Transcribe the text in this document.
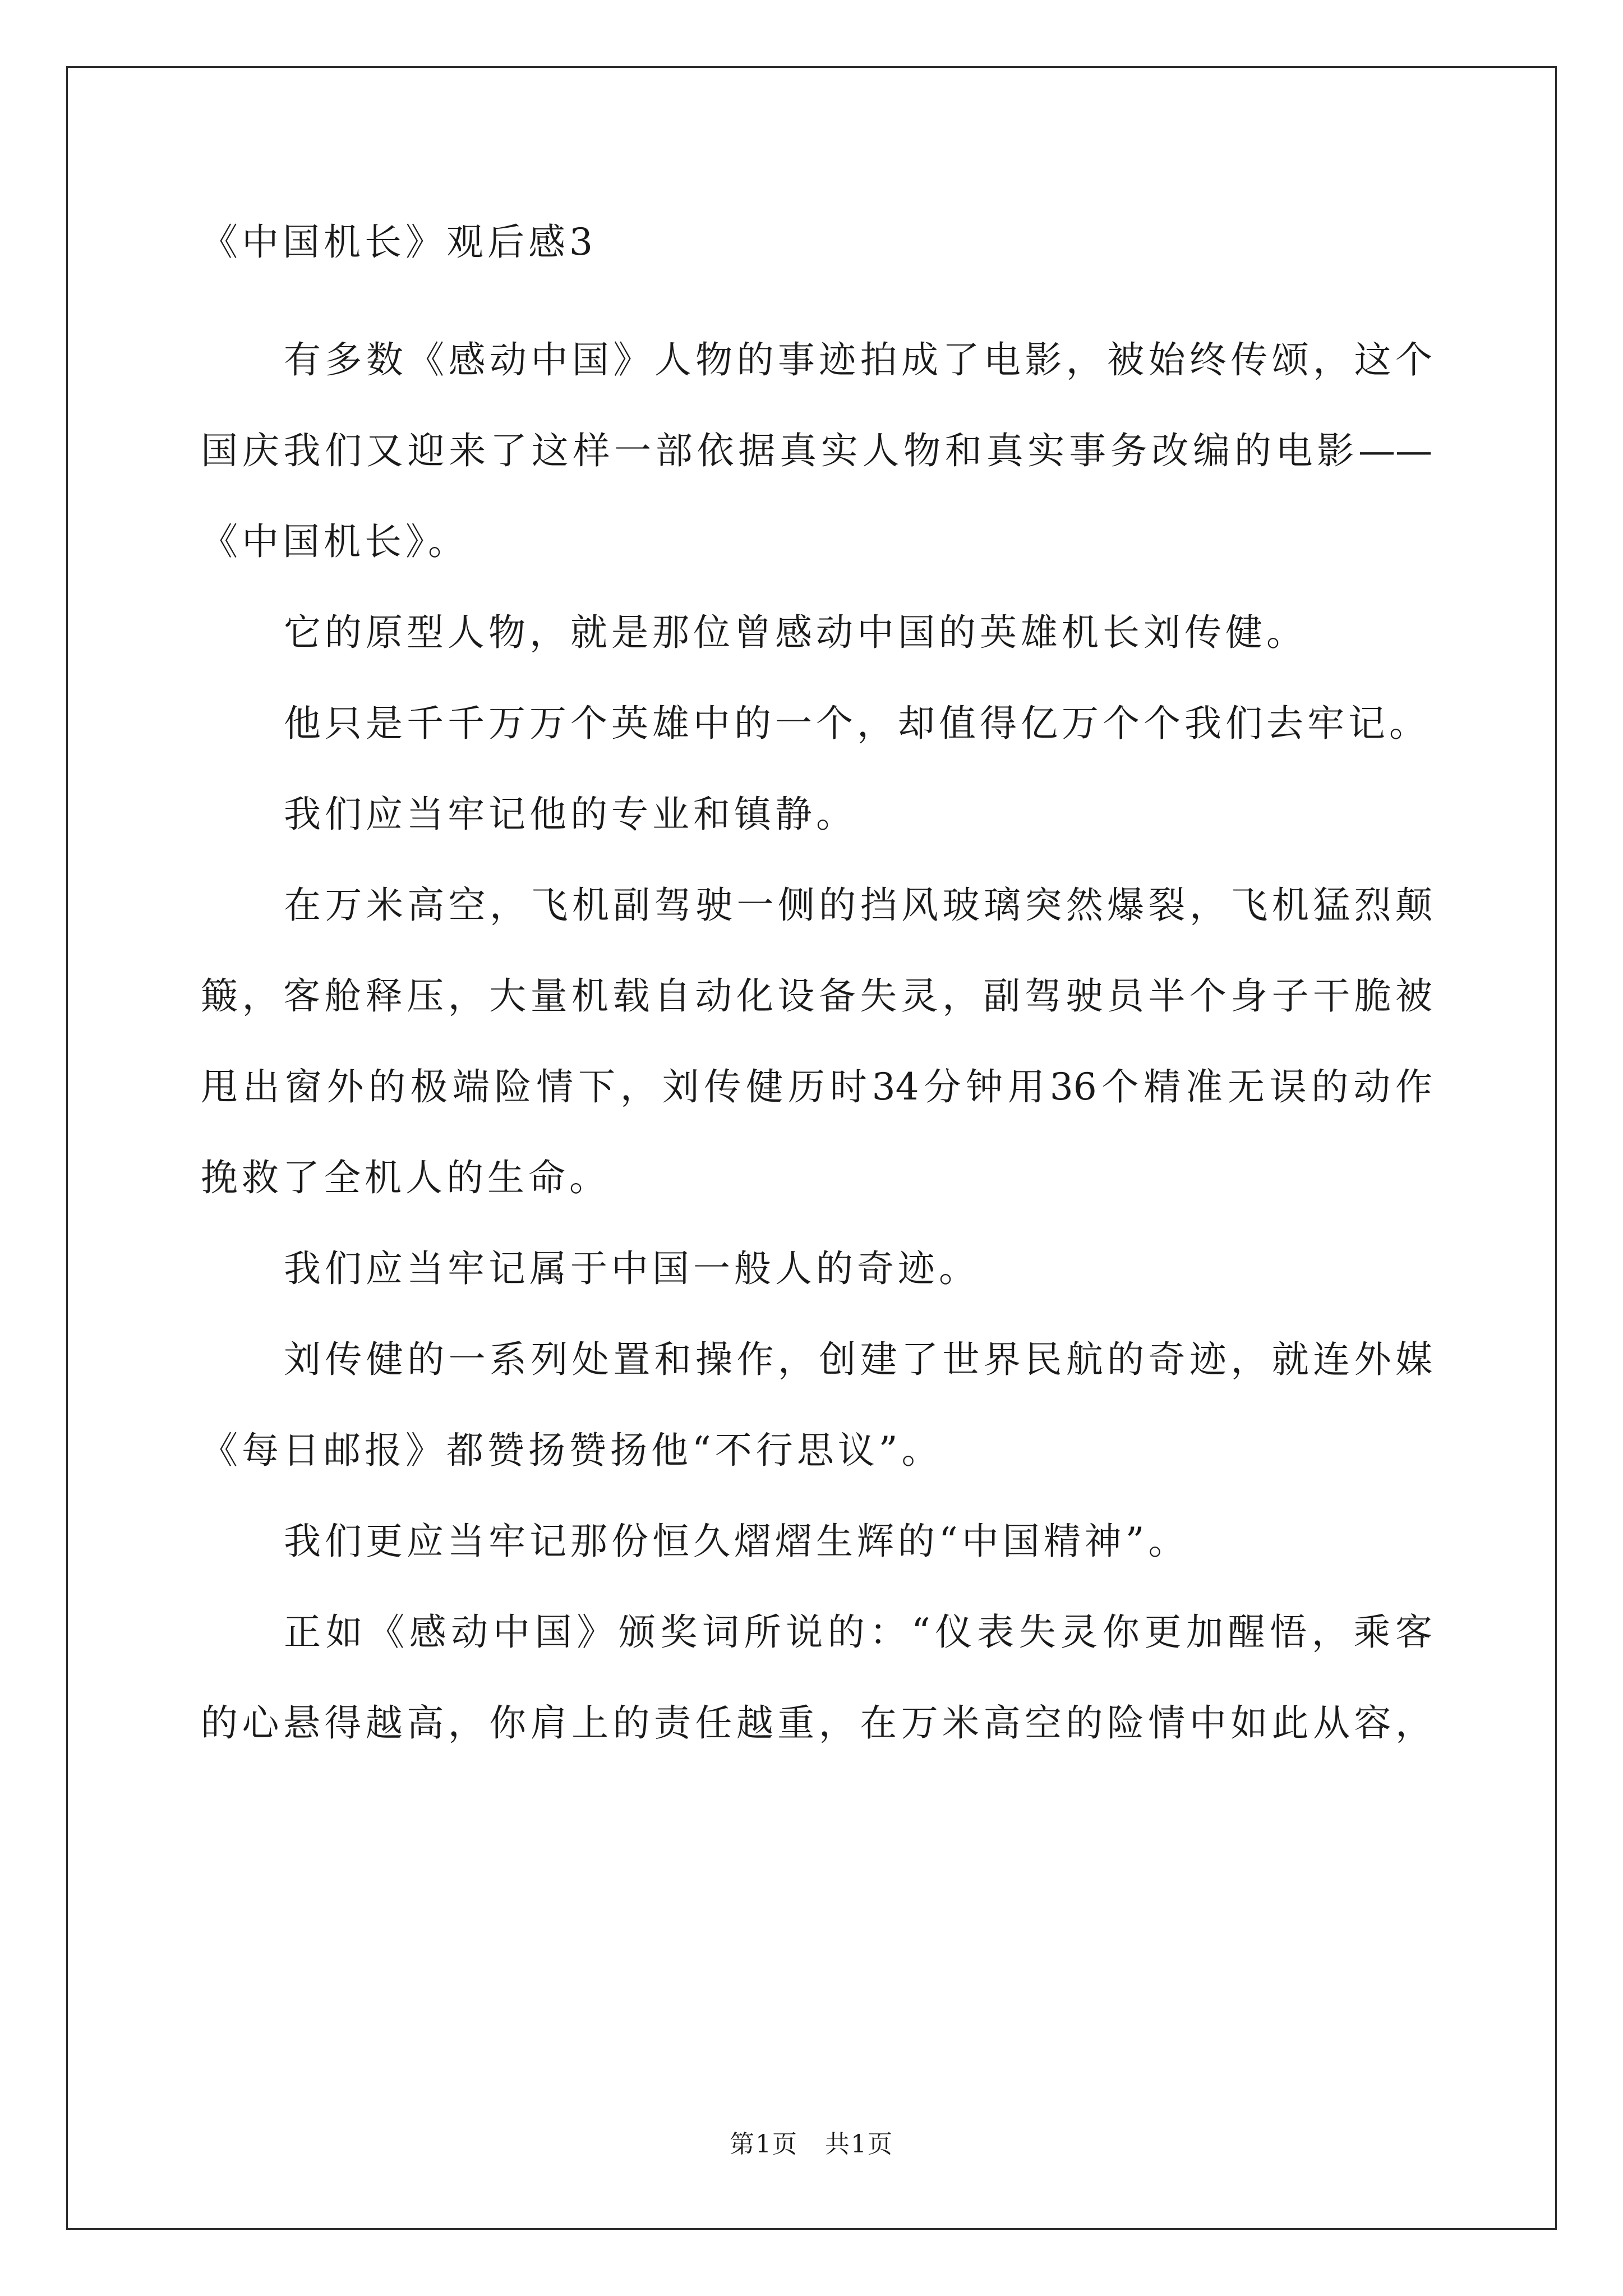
《中国机长》观后感3
有多数《感动中国》人物的事迹拍成了电影，被始终传颂，这个
国庆我们又迎来了这样一部依据真实人物和真实事务改编的电影——
《中国机长》。
它的原型人物，就是那位曾感动中国的英雄机长刘传健。
他只是千千万万个英雄中的一个，却值得亿万个个我们去牢记。
我们应当牢记他的专业和镇静。
在万米高空，飞机副驾驶一侧的挡风玻璃突然爆裂，飞机猛烈颠
簸，客舱释压，大量机载自动化设备失灵，副驾驶员半个身子干脆被
甩出窗外的极端险情下，刘传健历时34分钟用36个精准无误的动作
挽救了全机人的生命。
我们应当牢记属于中国一般人的奇迹。
刘传健的一系列处置和操作，创建了世界民航的奇迹，就连外媒
《每日邮报》都赞扬赞扬他“不行思议”。
我们更应当牢记那份恒久熠熠生辉的“中国精神”。
正如《感动中国》颁奖词所说的：“仪表失灵你更加醒悟，乘客
的心悬得越高，你肩上的责任越重，在万米高空的险情中如此从容，
第1页   共1页
